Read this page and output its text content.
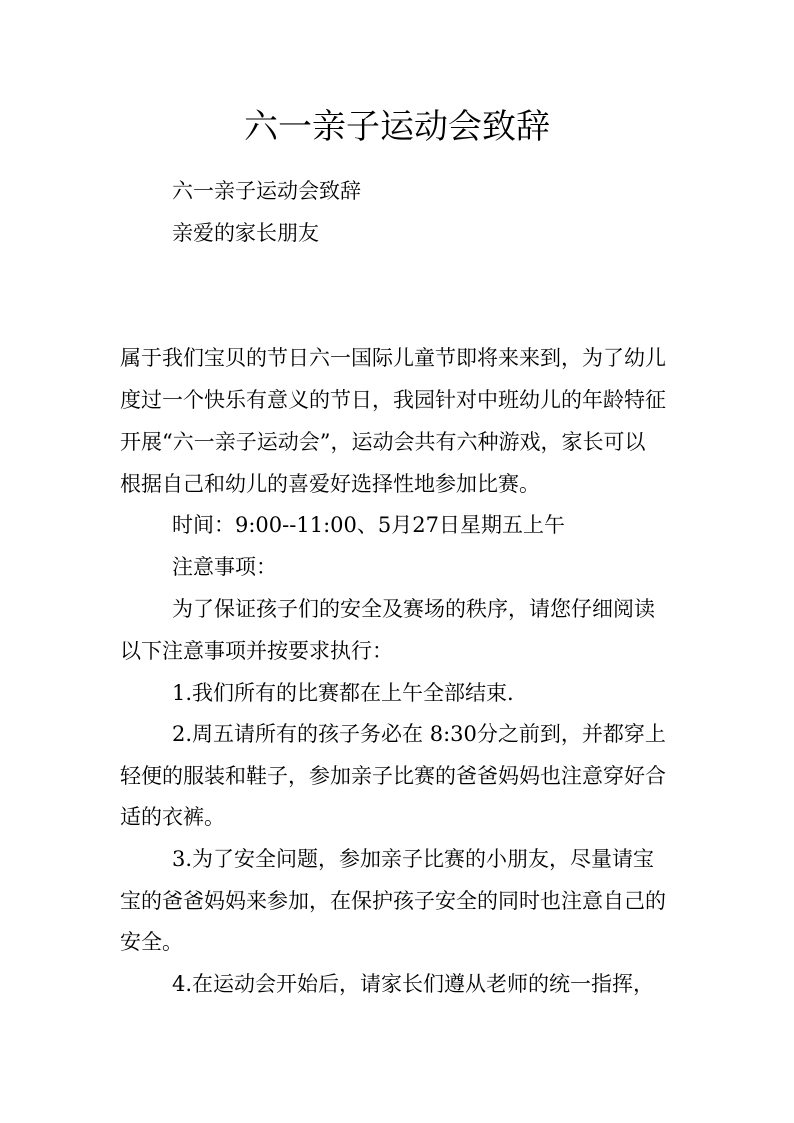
六一亲子运动会致辞

六一亲子运动会致辞

亲爱的家长朋友

属于我们宝贝的节日六一国际儿童节即将来来到，为了幼儿

度过一个快乐有意义的节日，我园针对中班幼儿的年龄特征

开展“六一亲子运动会”，运动会共有六种游戏，家长可以

根据自己和幼儿的喜爱好选择性地参加比赛。

时间：9:00--11:00、5月27日星期五上午

注意事项：

为了保证孩子们的安全及赛场的秩序，请您仔细阅读

以下注意事项并按要求执行：

1.我们所有的比赛都在上午全部结束.

2.周五请所有的孩子务必在 8:30分之前到，并都穿上

轻便的服装和鞋子，参加亲子比赛的爸爸妈妈也注意穿好合

适的衣裤。

3.为了安全问题，参加亲子比赛的小朋友，尽量请宝

宝的爸爸妈妈来参加，在保护孩子安全的同时也注意自己的

安全。

4.在运动会开始后，请家长们遵从老师的统一指挥，
